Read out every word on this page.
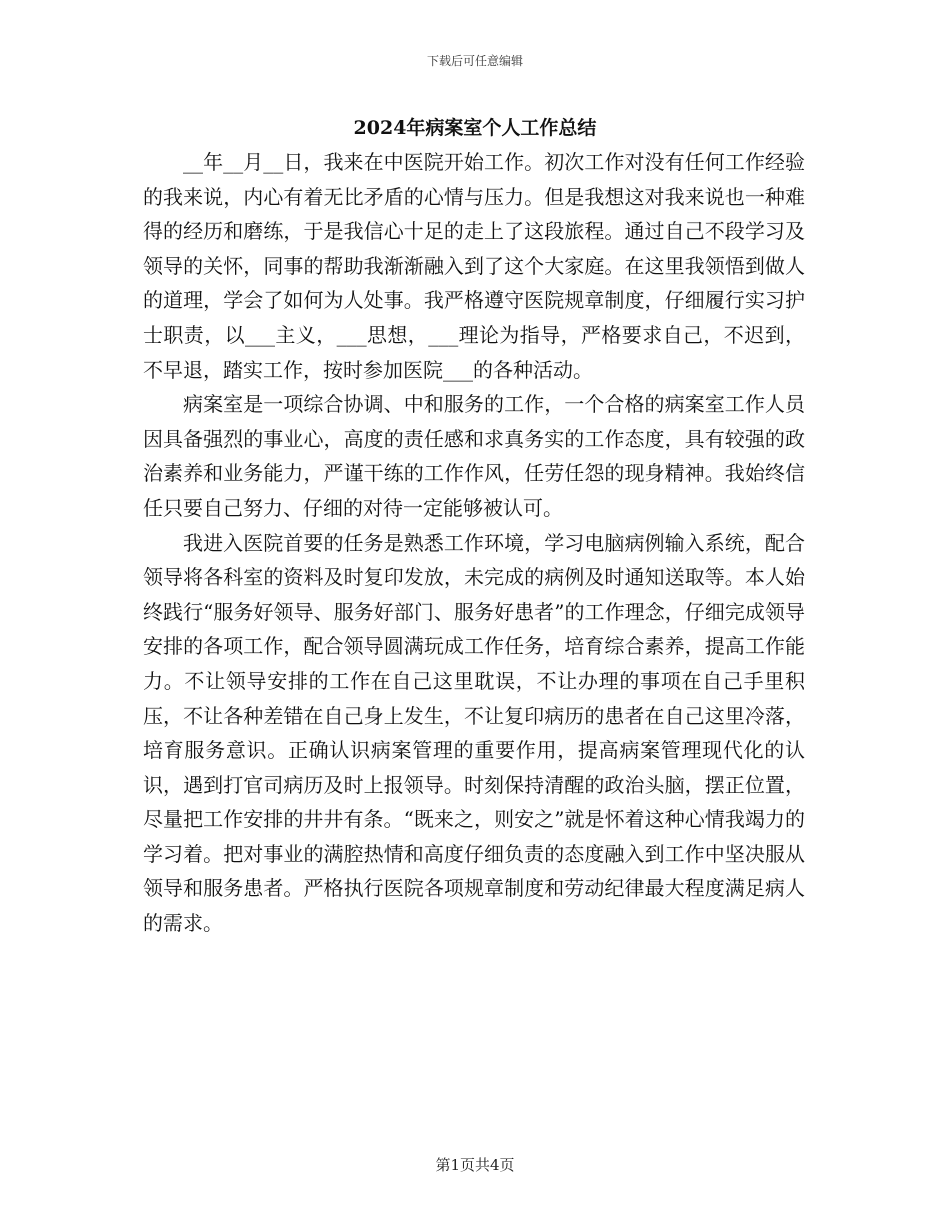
下载后可任意编辑
2024年病案室个人工作总结

__年__月__日，我来在中医院开始工作。初次工作对没有任何工作经验的我来说，内心有着无比矛盾的心情与压力。但是我想这对我来说也一种难得的经历和磨练，于是我信心十足的走上了这段旅程。通过自己不段学习及领导的关怀，同事的帮助我渐渐融入到了这个大家庭。在这里我领悟到做人的道理，学会了如何为人处事。我严格遵守医院规章制度，仔细履行实习护士职责，以___主义，___思想，___理论为指导，严格要求自己，不迟到，不早退，踏实工作，按时参加医院___的各种活动。

病案室是一项综合协调、中和服务的工作，一个合格的病案室工作人员因具备强烈的事业心，高度的责任感和求真务实的工作态度，具有较强的政治素养和业务能力，严谨干练的工作作风，任劳任怨的现身精神。我始终信任只要自己努力、仔细的对待一定能够被认可。

我进入医院首要的任务是熟悉工作环境，学习电脑病例输入系统，配合领导将各科室的资料及时复印发放，未完成的病例及时通知送取等。本人始终践行“服务好领导、服务好部门、服务好患者”的工作理念，仔细完成领导安排的各项工作，配合领导圆满玩成工作任务，培育综合素养，提高工作能力。不让领导安排的工作在自己这里耽误，不让办理的事项在自己手里积压，不让各种差错在自己身上发生，不让复印病历的患者在自己这里冷落，培育服务意识。正确认识病案管理的重要作用，提高病案管理现代化的认识，遇到打官司病历及时上报领导。时刻保持清醒的政治头脑，摆正位置，尽量把工作安排的井井有条。“既来之，则安之”就是怀着这种心情我竭力的学习着。把对事业的满腔热情和高度仔细负责的态度融入到工作中坚决服从领导和服务患者。严格执行医院各项规章制度和劳动纪律最大程度满足病人的需求。

第1页共4页
